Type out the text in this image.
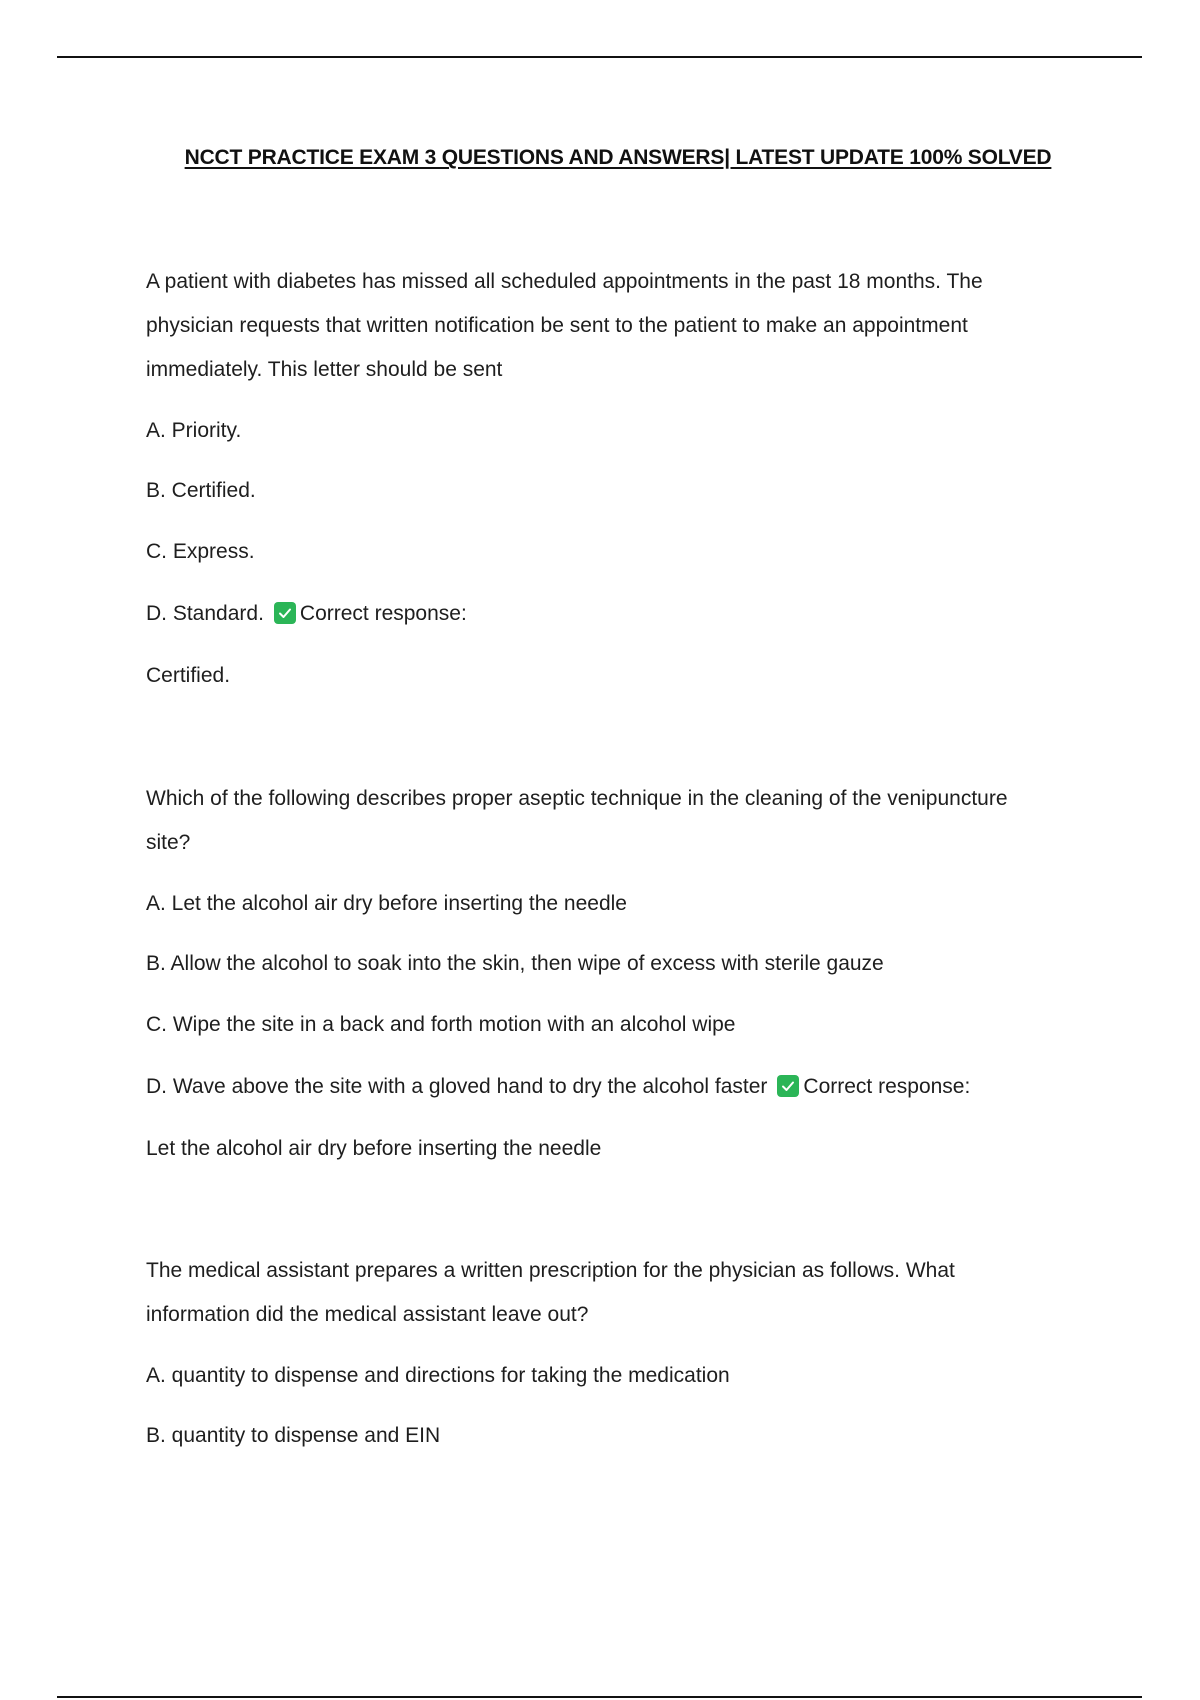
NCCT PRACTICE EXAM 3 QUESTIONS AND ANSWERS| LATEST UPDATE 100% SOLVED
A patient with diabetes has missed all scheduled appointments in the past 18 months. The
physician requests that written notification be sent to the patient to make an appointment
immediately. This letter should be sent
A. Priority.
B. Certified.
C. Express.
D. Standard. Correct response:
Certified.
Which of the following describes proper aseptic technique in the cleaning of the venipuncture
site?
A. Let the alcohol air dry before inserting the needle
B. Allow the alcohol to soak into the skin, then wipe of excess with sterile gauze
C. Wipe the site in a back and forth motion with an alcohol wipe
D. Wave above the site with a gloved hand to dry the alcohol faster Correct response:
Let the alcohol air dry before inserting the needle
The medical assistant prepares a written prescription for the physician as follows. What
information did the medical assistant leave out?
A. quantity to dispense and directions for taking the medication
B. quantity to dispense and EIN
